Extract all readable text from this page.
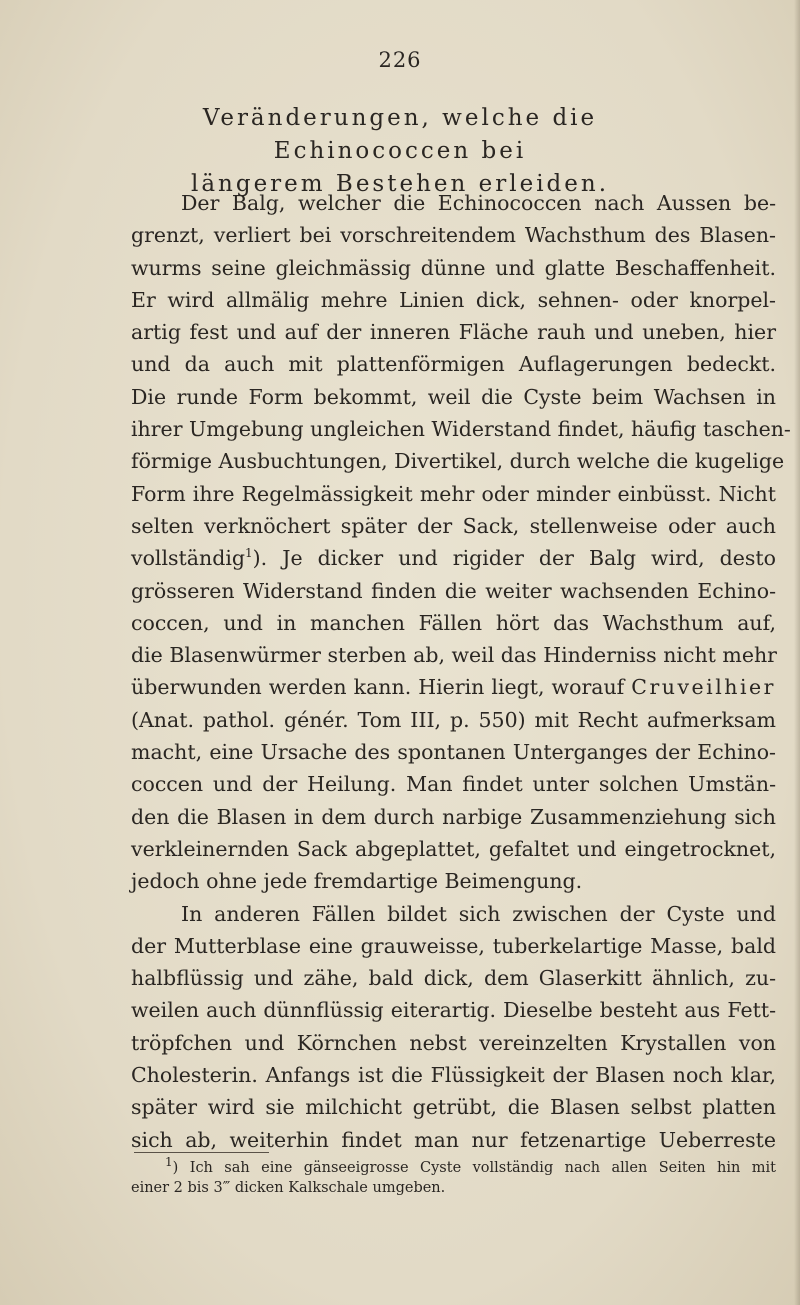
226
Veränderungen, welche die Echinococcen bei
längerem Bestehen erleiden.
Der Balg, welcher die Echinococcen nach Aussen be-
grenzt, verliert bei vorschreitendem Wachsthum des Blasen-
wurms seine gleichmässig dünne und glatte Beschaffenheit.
Er wird allmälig mehre Linien dick, sehnen- oder knorpel-
artig fest und auf der inneren Fläche rauh und uneben, hier
und da auch mit plattenförmigen Auflagerungen bedeckt.
Die runde Form bekommt, weil die Cyste beim Wachsen in
ihrer Umgebung ungleichen Widerstand findet, häufig taschen-
förmige Ausbuchtungen, Divertikel, durch welche die kugelige
Form ihre Regelmässigkeit mehr oder minder einbüsst. Nicht
selten verknöchert später der Sack, stellenweise oder auch
vollständig$^1$). Je dicker und rigider der Balg wird, desto
grösseren Widerstand finden die weiter wachsenden Echino-
coccen, und in manchen Fällen hört das Wachsthum auf,
die Blasenwürmer sterben ab, weil das Hinderniss nicht mehr
überwunden werden kann. Hierin liegt, worauf Cruveilhier
(Anat. pathol. génér. Tom III, p. 550) mit Recht aufmerksam
macht, eine Ursache des spontanen Unterganges der Echino-
coccen und der Heilung. Man findet unter solchen Umstän-
den die Blasen in dem durch narbige Zusammenziehung sich
verkleinernden Sack abgeplattet, gefaltet und eingetrocknet,
jedoch ohne jede fremdartige Beimengung.
In anderen Fällen bildet sich zwischen der Cyste und
der Mutterblase eine grauweisse, tuberkelartige Masse, bald
halbflüssig und zähe, bald dick, dem Glaserkitt ähnlich, zu-
weilen auch dünnflüssig eiterartig. Dieselbe besteht aus Fett-
tröpfchen und Körnchen nebst vereinzelten Krystallen von
Cholesterin. Anfangs ist die Flüssigkeit der Blasen noch klar,
später wird sie milchicht getrübt, die Blasen selbst platten
sich ab, weiterhin findet man nur fetzenartige Ueberreste
$^1$) Ich sah eine gänseeigrosse Cyste vollständig nach allen Seiten hin mit
einer 2 bis 3‴ dicken Kalkschale umgeben.
